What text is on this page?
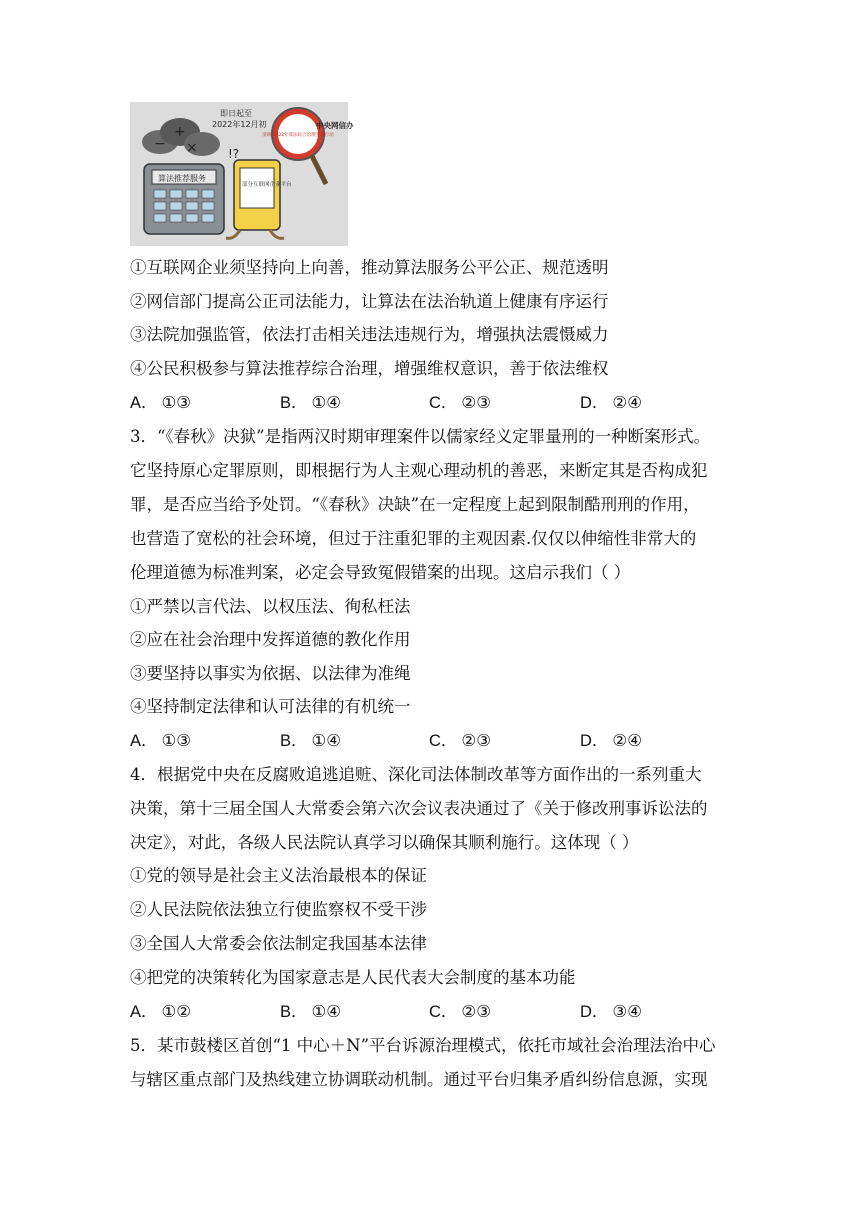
+
×
−
即日起至
2022年12月初
算法推荐服务
部分互联网企业平台
!?
清朗·2022年算法综合治理专项行动
中央网信办
①互联网企业须坚持向上向善，推动算法服务公平公正、规范透明
②网信部门提高公正司法能力，让算法在法治轨道上健康有序运行
③法院加强监管，依法打击相关违法违规行为，增强执法震慑威力
④公民积极参与算法推荐综合治理，增强维权意识，善于依法维权
A． ①③	B． ①④	C． ②③	D． ②④
3．“《春秋》决狱”是指两汉时期审理案件以儒家经义定罪量刑的一种断案形式。
它坚持原心定罪原则，即根据行为人主观心理动机的善恶，来断定其是否构成犯
罪，是否应当给予处罚。“《春秋》决缺”在一定程度上起到限制酷刑刑的作用，
也营造了宽松的社会环境，但过于注重犯罪的主观因素.仅仅以伸缩性非常大的
伦理道德为标准判案，必定会导致冤假错案的出现。这启示我们（ ）
①严禁以言代法、以权压法、徇私枉法
②应在社会治理中发挥道德的教化作用
③要坚持以事实为依据、以法律为准绳
④坚持制定法律和认可法律的有机统一
A． ①③	B． ①④	C． ②③	D． ②④
4．根据党中央在反腐败追逃追赃、深化司法体制改革等方面作出的一系列重大
决策，第十三届全国人大常委会第六次会议表决通过了《关于修改刑事诉讼法的
决定》，对此，各级人民法院认真学习以确保其顺利施行。这体现（ ）
①党的领导是社会主义法治最根本的保证
②人民法院依法独立行使监察权不受干涉
③全国人大常委会依法制定我国基本法律
④把党的决策转化为国家意志是人民代表大会制度的基本功能
A． ①②	B． ①④	C． ②③	D． ③④
5．某市鼓楼区首创“1 中心＋N”平台诉源治理模式，依托市域社会治理法治中心
与辖区重点部门及热线建立协调联动机制。通过平台归集矛盾纠纷信息源，实现
